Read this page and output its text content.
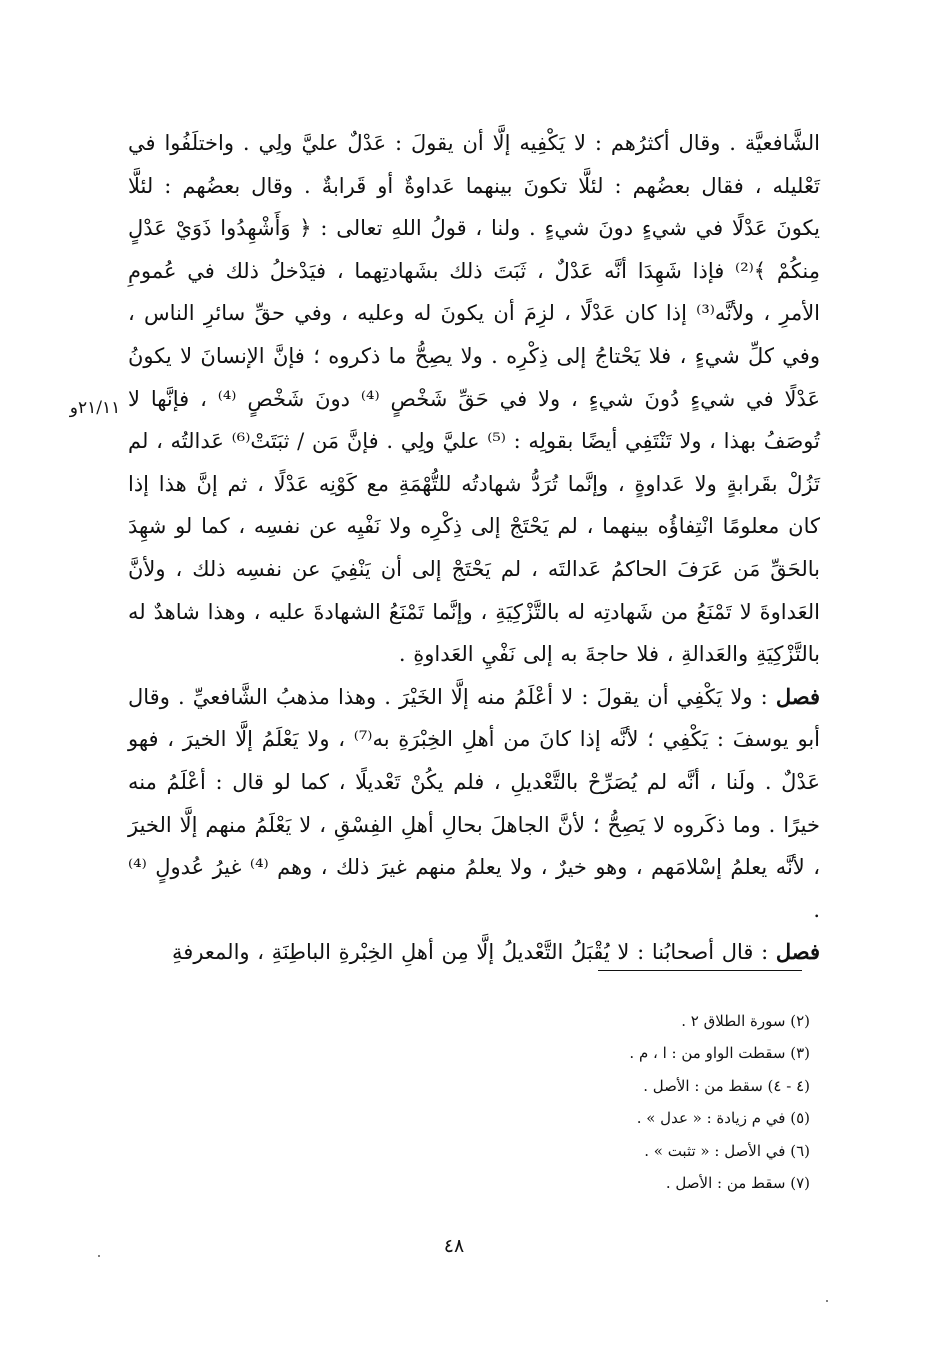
الشَّافعيَّة . وقال أكثرُهم : لا يَكْفِيه إلَّا أن يقولَ : عَدْلٌ عليَّ ولِي . واختلَفُوا في تَعْليله ، فقال بعضُهم : لئلَّا تكونَ بينهما عَداوةٌ أو قَرابةٌ . وقال بعضُهم : لئلَّا يكونَ عَدْلًا في شيءٍ دونَ شيءٍ . ولنا ، قولُ اللهِ تعالى : ﴿ وَأَشْهِدُوا ذَوَيْ عَدْلٍ مِنكُمْ ﴾⁽²⁾ فإذا شَهِدَا أنَّه عَدْلٌ ، ثَبَتَ ذلك بشَهادتِهما ، فيَدْخلُ ذلك في عُمومِ الأمرِ ، ولأنَّه⁽³⁾ إذا كان عَدْلًا ، لزِمَ أن يكونَ له وعليه ، وفي حقِّ سائرِ الناس ، وفي كلِّ شيءٍ ، فلا يَحْتاجُ إلى ذِكْرِه . ولا يصِحُّ ما ذكروه ؛ فإنَّ الإنسانَ لا يكونُ عَدْلًا في شيءٍ دُونَ شيءٍ ، ولا في حَقِّ شَخْصٍ ⁽⁴⁾ دونَ شَخْصٍ ⁽⁴⁾ ، فإنَّها لا تُوصَفُ بهذا ، ولا تَنْتَفِي أيضًا بقولِه : ⁽⁵⁾ عليَّ ولِي . فإنَّ مَن / ثبَتَتْ⁽⁶⁾ عَدالتُه ، لم تَزُلْ بقَرابةٍ ولا عَداوةٍ ، وإنَّما تُرَدُّ شهادتُه للتُّهْمَةِ مع كَوْنِه عَدْلًا ، ثم إنَّ هذا إذا كان معلومًا انْتِفاؤُه بينهما ، لم يَحْتَجْ إلى ذِكْرِه ولا نَفْيِه عن نفسِه ، كما لو شهِدَ بالحَقِّ مَن عَرَفَ الحاكمُ عَدالتَه ، لم يَحْتَجْ إلى أن يَنْفِيَ عن نفسِه ذلك ، ولأنَّ العَداوةَ لا تَمْنَعُ من شَهادتِه له بالتَّزْكِيَةِ ، وإنَّما تَمْنَعُ الشهادةَ عليه ، وهذا شاهدٌ له بالتَّزْكِيَةِ والعَدالةِ ، فلا حاجةَ به إلى نَفْيِ العَداوةِ .

فصل : ولا يَكْفِي أن يقولَ : لا أعْلَمُ منه إلَّا الخَيْرَ . وهذا مذهبُ الشَّافعيِّ . وقال أبو يوسفَ : يَكْفِي ؛ لأنَّه إذا كانَ من أهلِ الخِبْرَةِ به⁽⁷⁾ ، ولا يَعْلَمُ إلَّا الخيرَ ، فهو عَدْلٌ . ولَنا ، أنَّه لم يُصَرِّحْ بالتَّعْديلِ ، فلم يكُنْ تَعْديلًا ، كما لو قال : أعْلَمُ منه خيرًا . وما ذكَروه لا يَصِحُّ ؛ لأنَّ الجاهلَ بحالِ أهلِ الفِسْقِ ، لا يَعْلَمُ منهم إلَّا الخيرَ ، لأنَّه يعلمُ إسْلامَهم ، وهو خيرٌ ، ولا يعلمُ منهم غيرَ ذلك ، وهم ⁽⁴⁾ غيرُ عُدولٍ ⁽⁴⁾ .

فصل : قال أصحابُنا : لا يُقْبَلُ التَّعْديلُ إلَّا مِن أهلِ الخِبْرةِ الباطِنَةِ ، والمعرفةِ

٢١/١١و
(٢) سورة الطلاق ٢ .
(٣) سقطت الواو من : ا ، م .
(٤ - ٤) سقط من : الأصل .
(٥) في م زيادة : « عدل » .
(٦) في الأصل : « تثبت » .
(٧) سقط من : الأصل .
٤٨
